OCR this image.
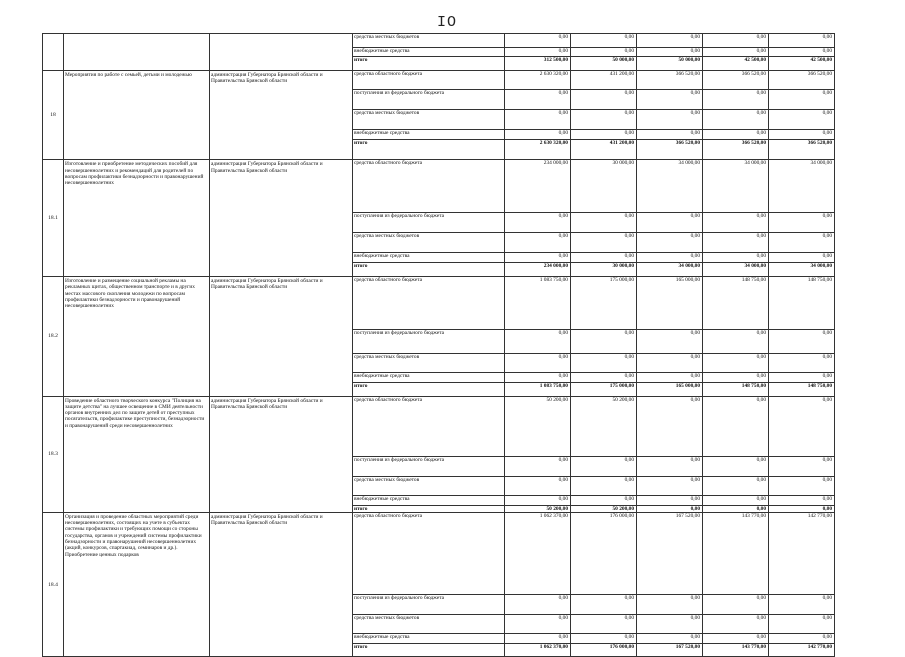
IO
			средства местных бюджетов	0,00	0,00	0,00	0,00	0,00	
			внебюджетные средства	0,00	0,00	0,00	0,00	0,00	
			итого	312 500,00	50 000,00	50 000,00	42 500,00	42 500,00	
18	Мероприятия по работе с семьей, детьми и молодежью	администрация Губернатора Брянской области и Правительства Брянской области	средства областного бюджета	2 630 320,00	431 200,00	366 520,00	366 520,00	366 520,00	
			поступления из федерального бюджета	0,00	0,00	0,00	0,00	0,00	
			средства местных бюджетов	0,00	0,00	0,00	0,00	0,00	
			внебюджетные средства	0,00	0,00	0,00	0,00	0,00	
			итого	2 630 320,00	431 200,00	366 520,00	366 520,00	366 520,00	
18.1	Изготовление и приобретение методических пособий для несовершеннолетних и рекомендаций для родителей по вопросам профилактики безнадзорности и правонарушений несовершеннолетних	администрация Губернатора Брянской области и Правительства Брянской области	средства областного бюджета	234 000,00	30 000,00	34 000,00	34 000,00	34 000,00	
			поступления из федерального бюджета	0,00	0,00	0,00	0,00	0,00	
			средства местных бюджетов	0,00	0,00	0,00	0,00	0,00	
			внебюджетные средства	0,00	0,00	0,00	0,00	0,00	
			итого	234 000,00	30 000,00	34 000,00	34 000,00	34 000,00	
18.2	Изготовление и размещение социальной рекламы на рекламных щитах, общественном транспорте и в других местах массового скопления молодежи по вопросам профилактики безнадзорности и правонарушений несовершеннолетних	администрация Губернатора Брянской области и Правительства Брянской области	средства областного бюджета	1 083 750,00	175 000,00	165 000,00	148 750,00	148 750,00	
			поступления из федерального бюджета	0,00	0,00	0,00	0,00	0,00	
			средства местных бюджетов	0,00	0,00	0,00	0,00	0,00	
			внебюджетные средства	0,00	0,00	0,00	0,00	0,00	
			итого	1 083 750,00	175 000,00	165 000,00	148 750,00	148 750,00	
18.3	Проведение областного творческого конкурса "Полиция на защите детства" на лучшее освещение в СМИ деятельности органов внутренних дел по защите детей от преступных посягательств, профилактике преступности, безнадзорности и правонарушений среди несовершеннолетних	администрация Губернатора Брянской области и Правительства Брянской области	средства областного бюджета	50 200,00	50 200,00	0,00	0,00	0,00	
			поступления из федерального бюджета	0,00	0,00	0,00	0,00	0,00	
			средства местных бюджетов	0,00	0,00	0,00	0,00	0,00	
			внебюджетные средства	0,00	0,00	0,00	0,00	0,00	
			итого	50 200,00	50 200,00	0,00	0,00	0,00	
18.4	Организация и проведение областных мероприятий среди несовершеннолетних, состоящих на учете в субъектах системы профилактики и требующих помощи со стороны государства, органов и учреждений системы профилактики безнадзорности и правонарушений несовершеннолетних (акций, конкурсов, спартакиад, семинаров и др.). Приобретение ценных подарков	администрация Губернатора Брянской области и Правительства Брянской области	средства областного бюджета	1 062 370,00	176 000,00	167 520,00	143 770,00	142 770,00	
			поступления из федерального бюджета	0,00	0,00	0,00	0,00	0,00	
			средства местных бюджетов	0,00	0,00	0,00	0,00	0,00	
			внебюджетные средства	0,00	0,00	0,00	0,00	0,00	
			итого	1 062 370,00	176 000,00	167 520,00	143 770,00	142 770,00	
